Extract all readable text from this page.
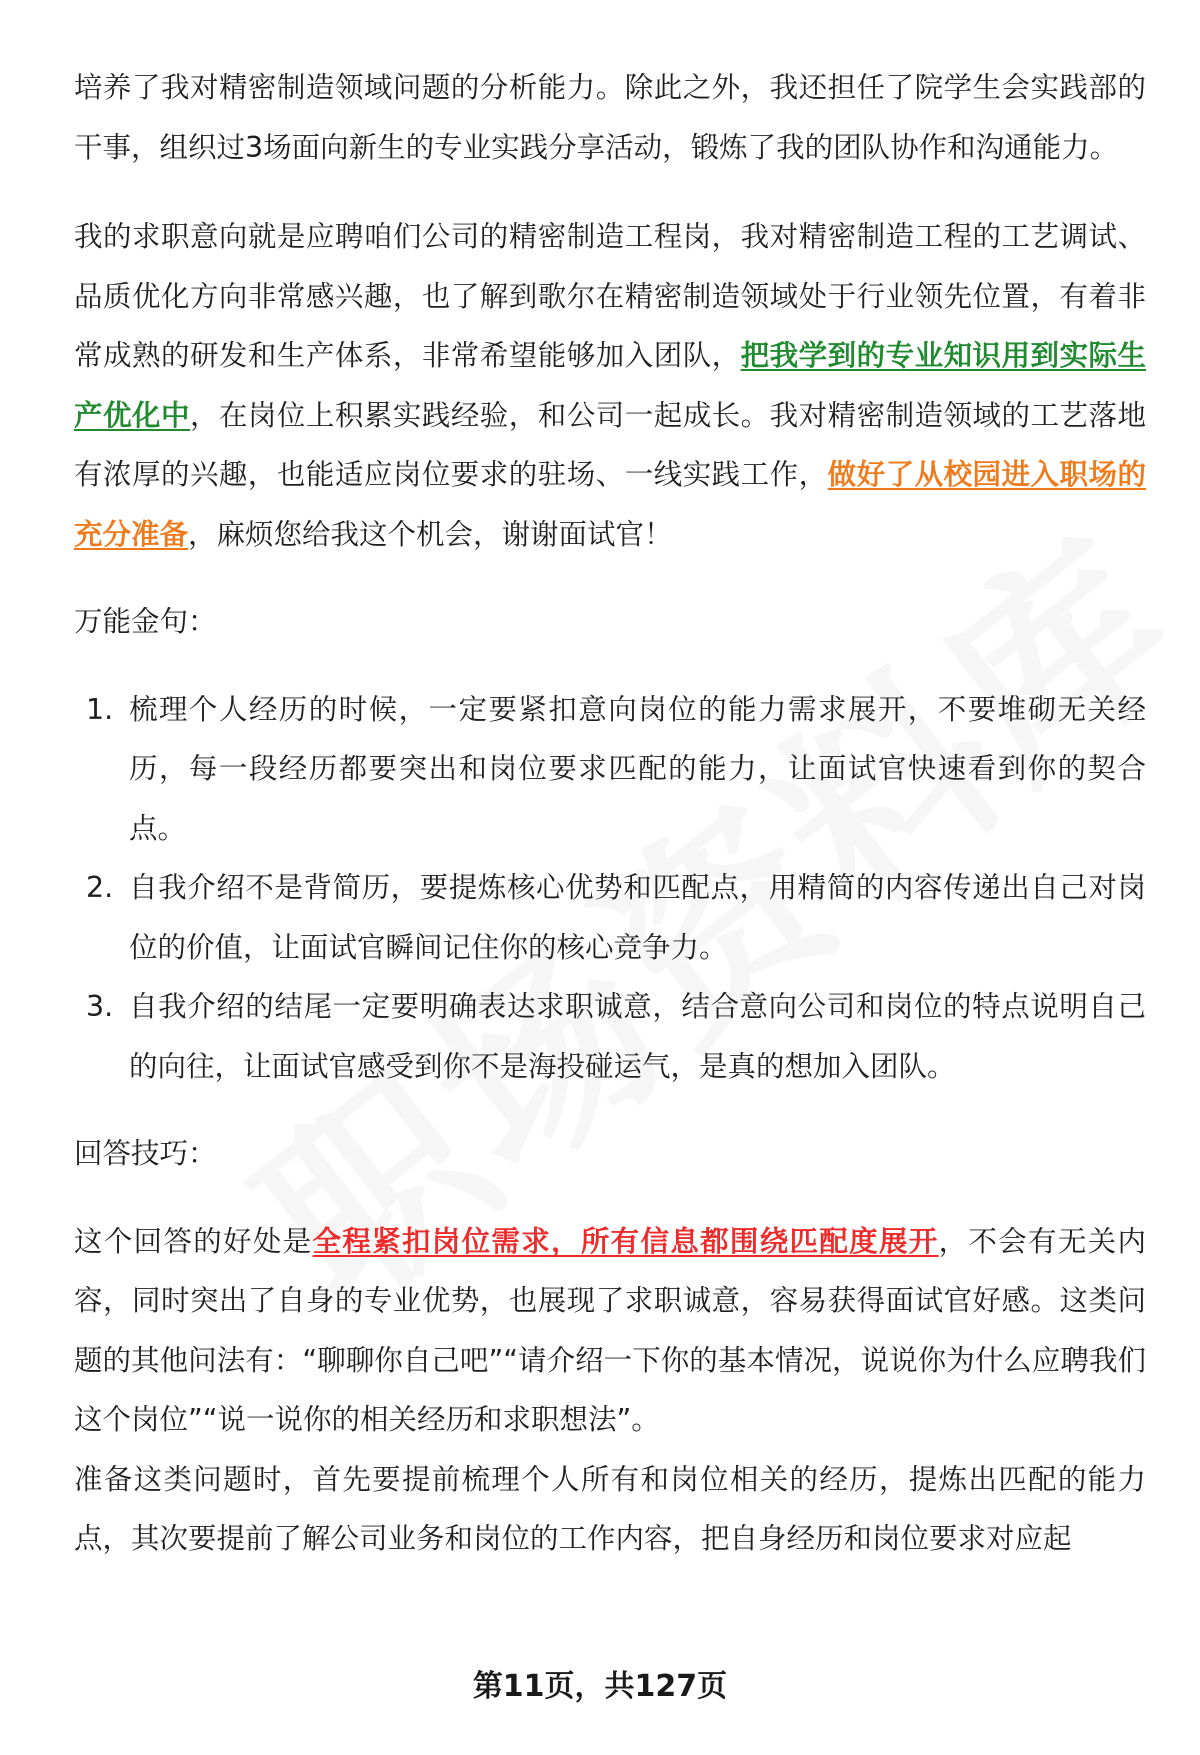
培养了我对精密制造领域问题的分析能力。除此之外，我还担任了院学生会实践部的干事，组织过3场面向新生的专业实践分享活动，锻炼了我的团队协作和沟通能力。

我的求职意向就是应聘咱们公司的精密制造工程岗，我对精密制造工程的工艺调试、品质优化方向非常感兴趣，也了解到歌尔在精密制造领域处于行业领先位置，有着非常成熟的研发和生产体系，非常希望能够加入团队，把我学到的专业知识用到实际生产优化中，在岗位上积累实践经验，和公司一起成长。我对精密制造领域的工艺落地有浓厚的兴趣，也能适应岗位要求的驻场、一线实践工作，做好了从校园进入职场的充分准备，麻烦您给我这个机会，谢谢面试官！

万能金句：

1. 梳理个人经历的时候，一定要紧扣意向岗位的能力需求展开，不要堆砌无关经历，每一段经历都要突出和岗位要求匹配的能力，让面试官快速看到你的契合点。
2. 自我介绍不是背简历，要提炼核心优势和匹配点，用精简的内容传递出自己对岗位的价值，让面试官瞬间记住你的核心竞争力。
3. 自我介绍的结尾一定要明确表达求职诚意，结合意向公司和岗位的特点说明自己的向往，让面试官感受到你不是海投碰运气，是真的想加入团队。

回答技巧：

这个回答的好处是全程紧扣岗位需求，所有信息都围绕匹配度展开，不会有无关内容，同时突出了自身的专业优势，也展现了求职诚意，容易获得面试官好感。这类问题的其他问法有：“聊聊你自己吧”“请介绍一下你的基本情况，说说你为什么应聘我们这个岗位”“说一说你的相关经历和求职想法”。

准备这类问题时，首先要提前梳理个人所有和岗位相关的经历，提炼出匹配的能力点，其次要提前了解公司业务和岗位的工作内容，把自身经历和岗位要求对应起

第11页，共127页
